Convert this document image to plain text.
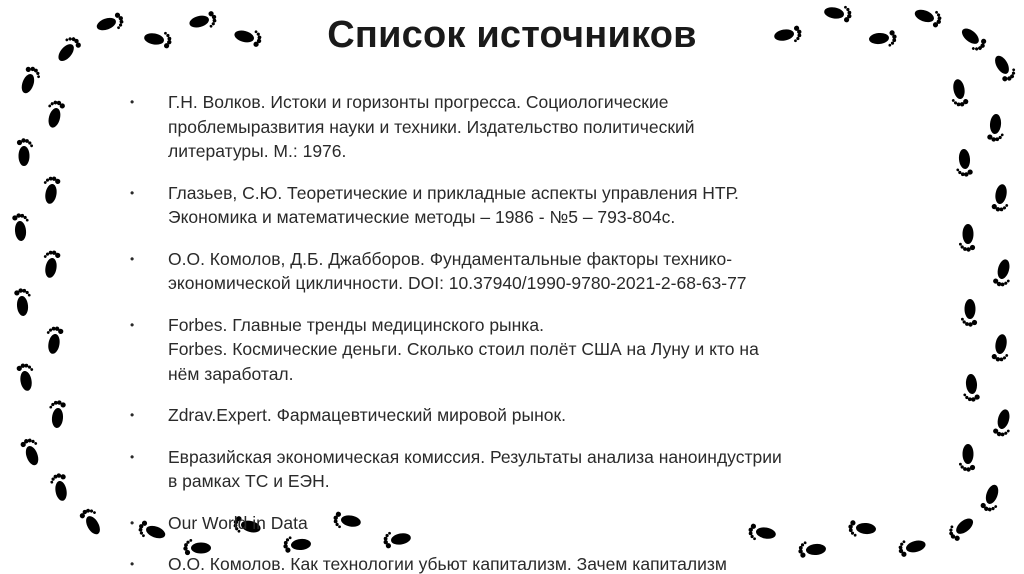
Список источников
• Г.Н. Волков. Истоки и горизонты прогресса. Социологические
проблемыразвития науки и техники. Издательство политический
литературы. М.: 1976.
• Глазьев, С.Ю. Теоретические и прикладные аспекты управления НТР.
Экономика и математические методы – 1986 - №5 – 793-804с.
• О.О. Комолов, Д.Б. Джабборов. Фундаментальные факторы технико-
экономической цикличности. DOI: 10.37940/1990-9780-2021-2-68-63-77
• Forbes. Главные тренды медицинского рынка.
Forbes. Космические деньги. Сколько стоил полёт США на Луну и кто на
нём заработал.
• Zdrav.Expert. Фармацевтический мировой рынок.
• Евразийская экономическая комиссия. Результаты анализа наноиндустрии
в рамках ТС и ЕЭН.
• Our World in Data
• О.О. Комолов. Как технологии убьют капитализм. Зачем капитализм
